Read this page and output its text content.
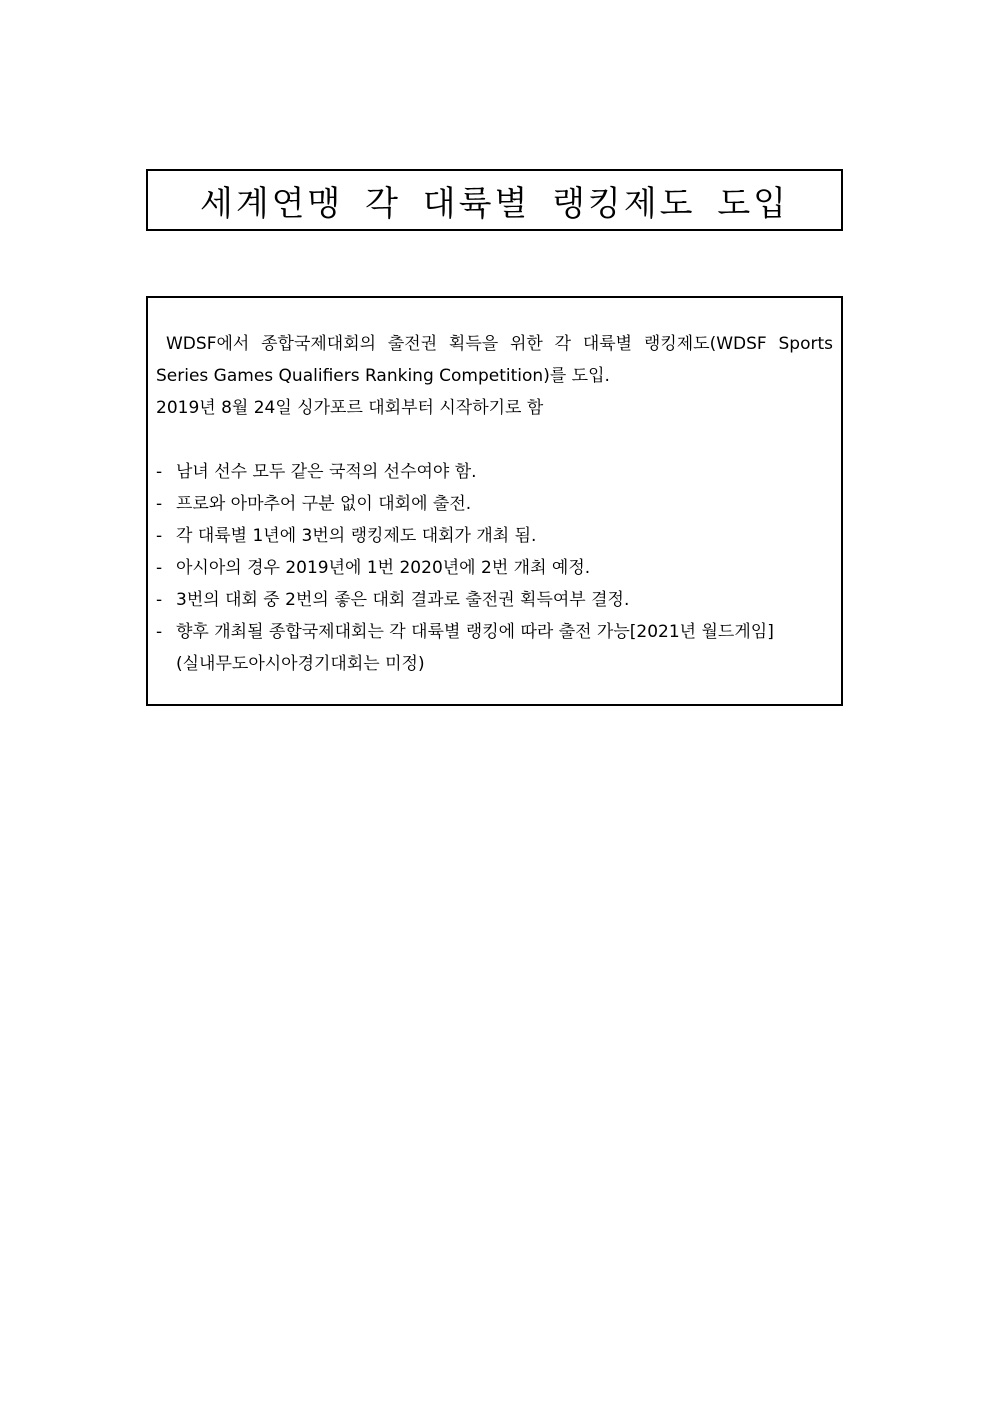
세계연맹 각 대륙별 랭킹제도 도입
WDSF에서 종합국제대회의 출전권 획득을 위한 각 대륙별 랭킹제도(WDSF Sports
Series Games Qualifiers Ranking Competition)를 도입.
2019년 8월 24일 싱가포르 대회부터 시작하기로 함
- 남녀 선수 모두 같은 국적의 선수여야 함.
- 프로와 아마추어 구분 없이 대회에 출전.
- 각 대륙별 1년에 3번의 랭킹제도 대회가 개최 됨.
- 아시아의 경우 2019년에 1번 2020년에 2번 개최 예정.
- 3번의 대회 중 2번의 좋은 대회 결과로 출전권 획득여부 결정.
- 향후 개최될 종합국제대회는 각 대륙별 랭킹에 따라 출전 가능[2021년 월드게임]
(실내무도아시아경기대회는 미정)
